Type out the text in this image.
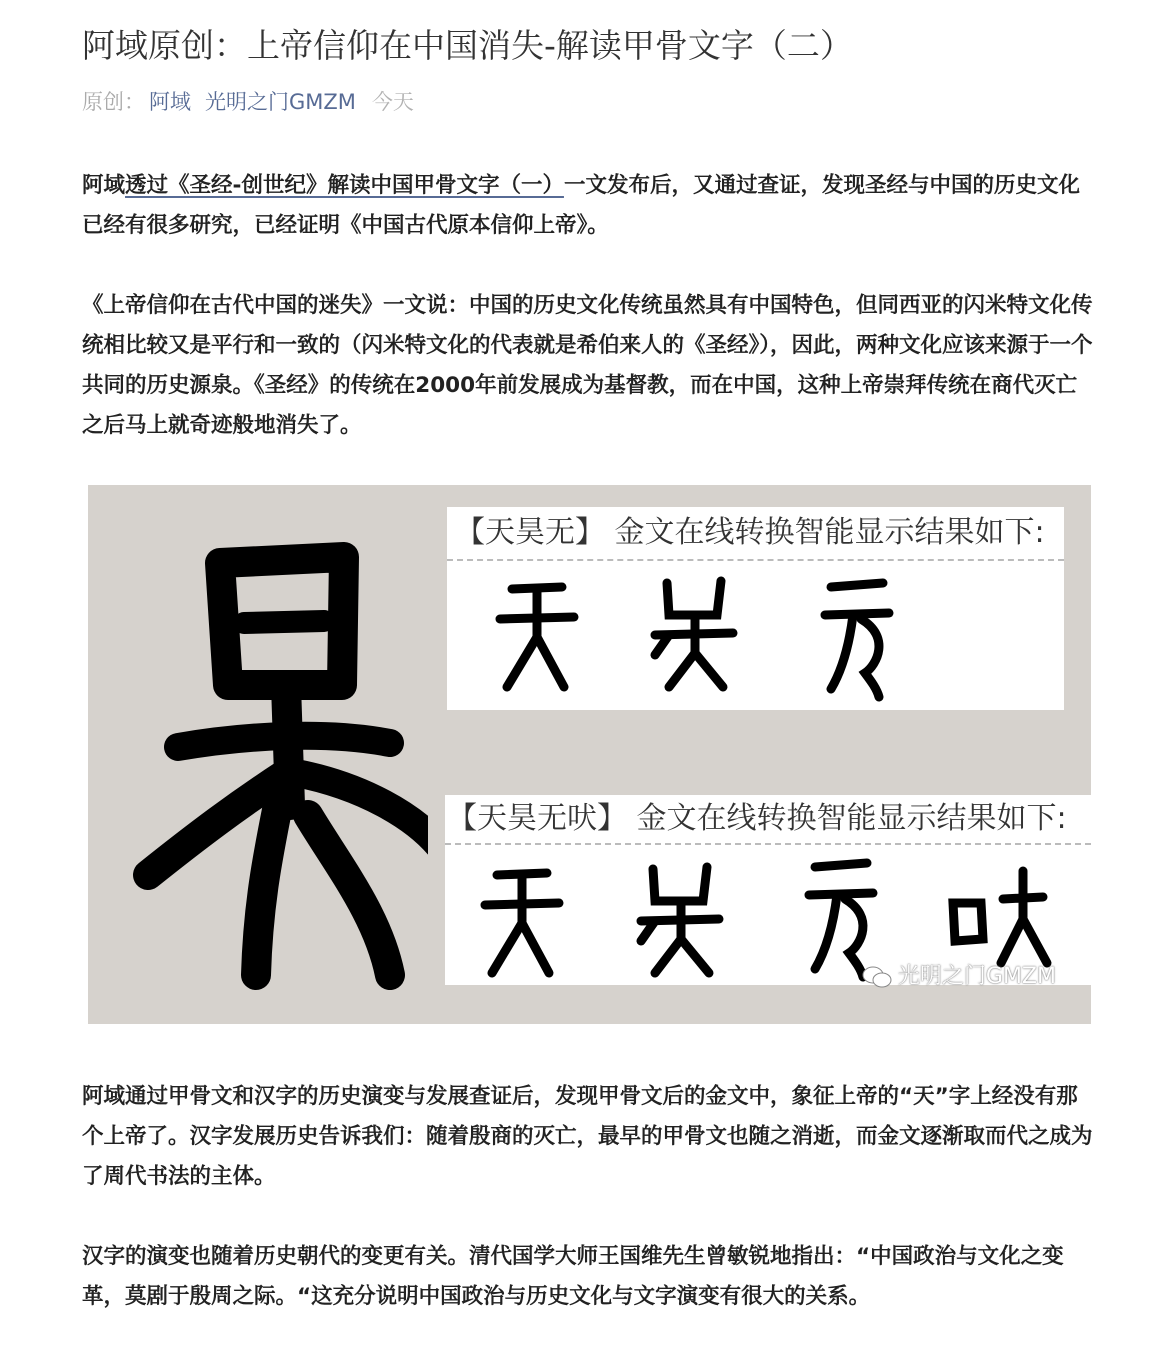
阿域原创：上帝信仰在中国消失-解读甲骨文字（二）
原创： 阿域 光明之门GMZM 今天

阿域透过《圣经-创世纪》解读中国甲骨文字（一）一文发布后，又通过查证，发现圣经与中国的历史文化已经有很多研究，已经证明《中国古代原本信仰上帝》。

《上帝信仰在古代中国的迷失》一文说：中国的历史文化传统虽然具有中国特色，但同西亚的闪米特文化传统相比较又是平行和一致的（闪米特文化的代表就是希伯来人的《圣经》），因此，两种文化应该来源于一个共同的历史源泉。《圣经》的传统在2000年前发展成为基督教，而在中国，这种上帝崇拜传统在商代灭亡之后马上就奇迹般地消失了。

阿域通过甲骨文和汉字的历史演变与发展查证后，发现甲骨文后的金文中，象征上帝的“天”字上经没有那个上帝了。汉字发展历史告诉我们：随着殷商的灭亡，最早的甲骨文也随之消逝，而金文逐渐取而代之成为了周代书法的主体。

汉字的演变也随着历史朝代的变更有关。清代国学大师王国维先生曾敏锐地指出：“中国政治与文化之变革，莫剧于殷周之际。“这充分说明中国政治与历史文化与文字演变有很大的关系。

【天昊无】 金文在线转换智能显示结果如下:
【天昊无吠】 金文在线转换智能显示结果如下:
光明之门GMZM
